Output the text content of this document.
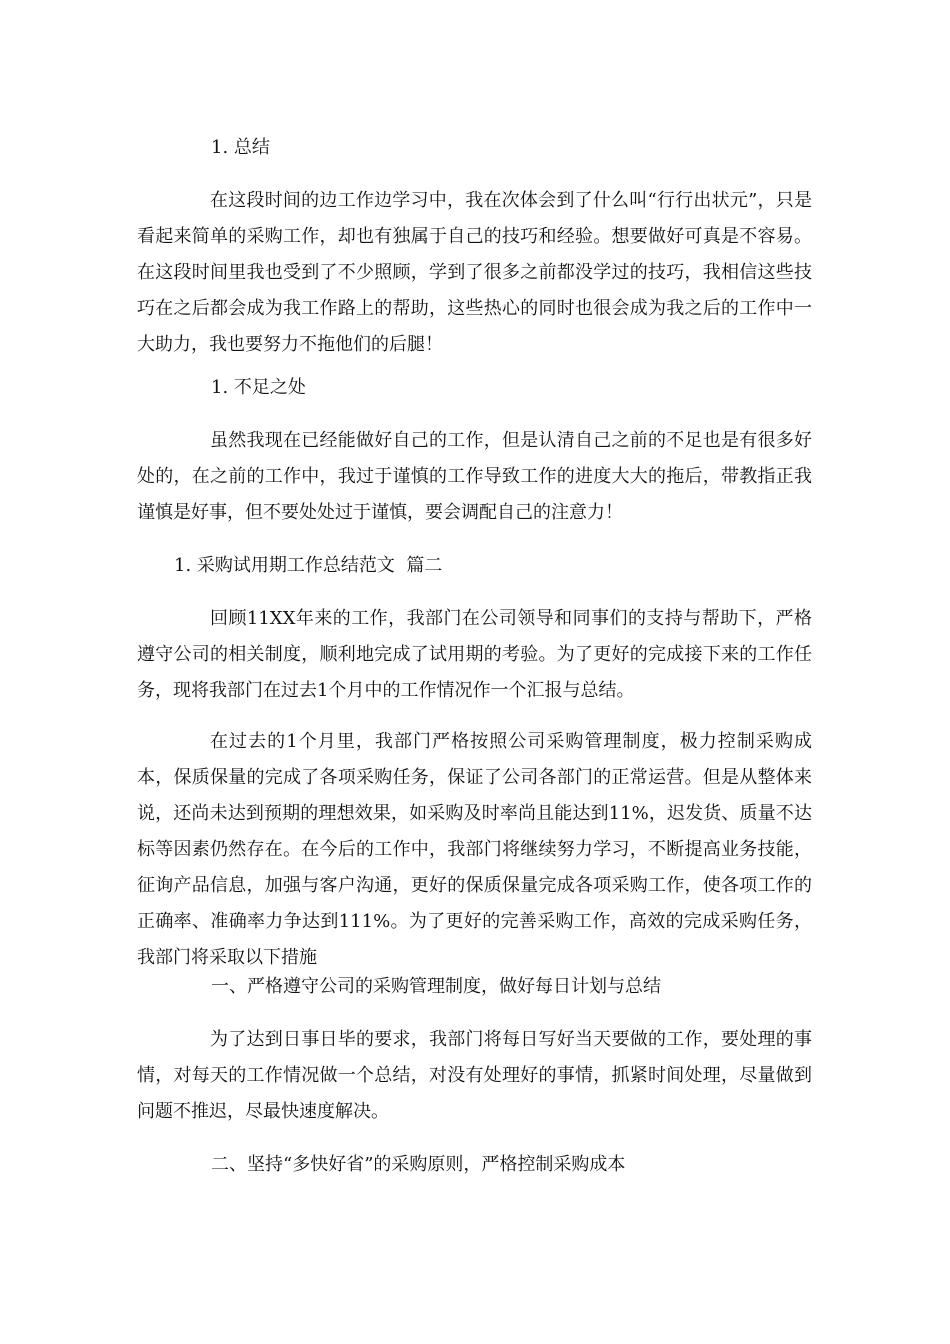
1. 总结
在这段时间的边工作边学习中，我在次体会到了什么叫“行行出状元”，只是看起来简单的采购工作，却也有独属于自己的技巧和经验。想要做好可真是不容易。在这段时间里我也受到了不少照顾，学到了很多之前都没学过的技巧，我相信这些技巧在之后都会成为我工作路上的帮助，这些热心的同时也很会成为我之后的工作中一大助力，我也要努力不拖他们的后腿！
1. 不足之处
虽然我现在已经能做好自己的工作，但是认清自己之前的不足也是有很多好处的，在之前的工作中，我过于谨慎的工作导致工作的进度大大的拖后，带教指正我谨慎是好事，但不要处处过于谨慎，要会调配自己的注意力！
1. 采购试用期工作总结范文  篇二
回顾11XX年来的工作，我部门在公司领导和同事们的支持与帮助下，严格遵守公司的相关制度，顺利地完成了试用期的考验。为了更好的完成接下来的工作任务，现将我部门在过去1个月中的工作情况作一个汇报与总结。
在过去的1个月里，我部门严格按照公司采购管理制度，极力控制采购成本，保质保量的完成了各项采购任务，保证了公司各部门的正常运营。但是从整体来说，还尚未达到预期的理想效果，如采购及时率尚且能达到11%，迟发货、质量不达标等因素仍然存在。在今后的工作中，我部门将继续努力学习，不断提高业务技能，征询产品信息，加强与客户沟通，更好的保质保量完成各项采购工作，使各项工作的正确率、准确率力争达到111%。为了更好的完善采购工作，高效的完成采购任务，我部门将采取以下措施
一、严格遵守公司的采购管理制度，做好每日计划与总结
为了达到日事日毕的要求，我部门将每日写好当天要做的工作，要处理的事情，对每天的工作情况做一个总结，对没有处理好的事情，抓紧时间处理，尽量做到问题不推迟，尽最快速度解决。
二、坚持“多快好省”的采购原则，严格控制采购成本
